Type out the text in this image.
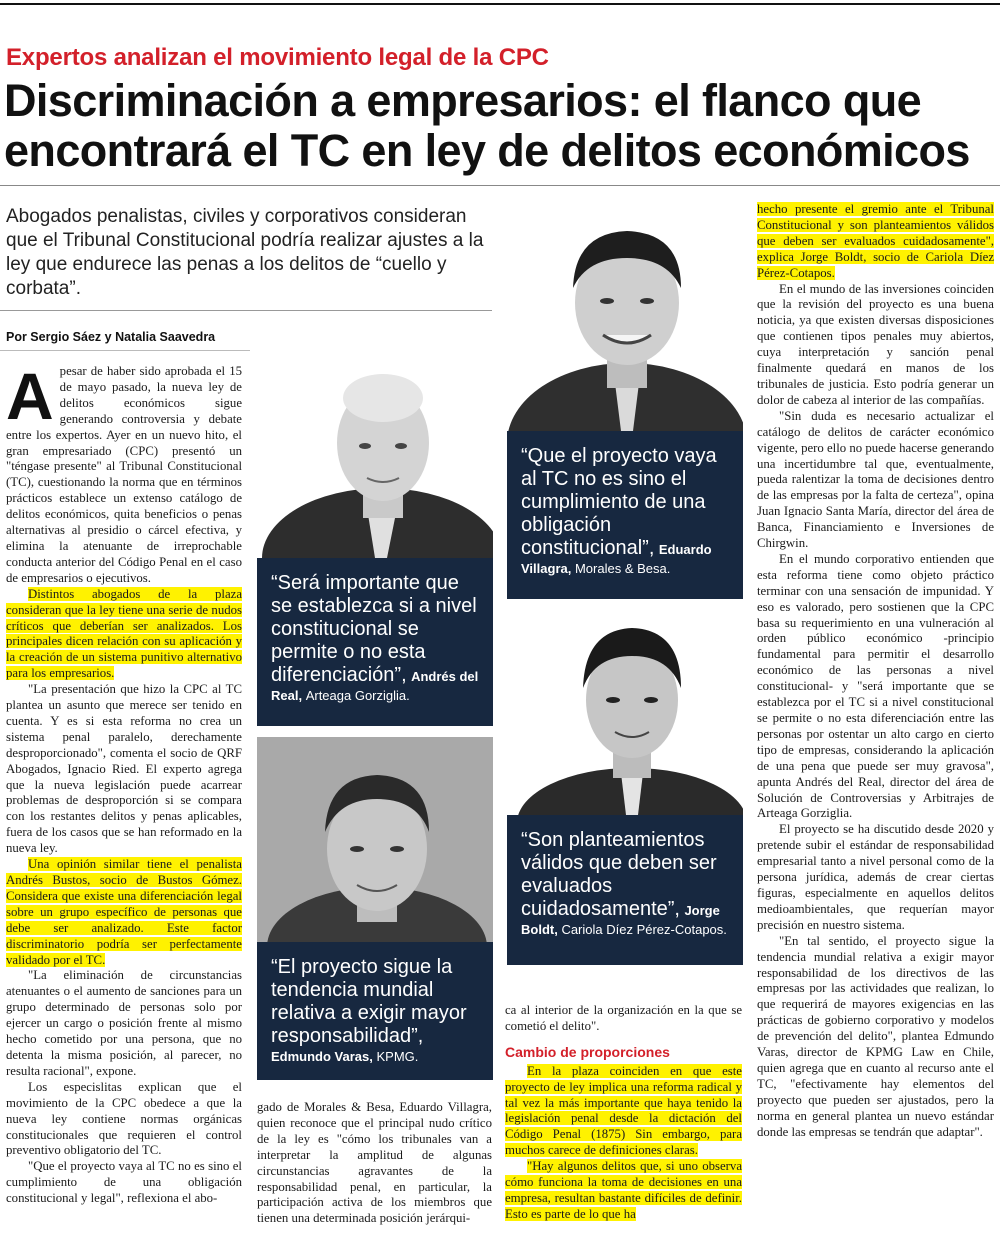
Expertos analizan el movimiento legal de la CPC
Discriminación a empresarios: el flanco que encontrará el TC en ley de delitos económicos

Abogados penalistas, civiles y corporativos consideran que el Tribunal Constitucional podría realizar ajustes a la ley que endurece las penas a los delitos de “cuello y corbata”.

Por Sergio Sáez y Natalia Saavedra

Apesar de haber sido aprobada el 15 de mayo pasado, la nueva ley de delitos económicos sigue generando controversia y debate entre los expertos. Ayer en un nuevo hito, el gran empresariado (CPC) presentó un "téngase presente" al Tribunal Constitucional (TC), cuestionando la norma que en términos prácticos establece un extenso catálogo de delitos económicos, quita beneficios o penas alternativas al presidio o cárcel efectiva, y elimina la atenuante de irreprochable conducta anterior del Código Penal en el caso de empresarios o ejecutivos.

Distintos abogados de la plaza consideran que la ley tiene una serie de nudos críticos que deberían ser analizados. Los principales dicen relación con su aplicación y la creación de un sistema punitivo alternativo para los empresarios.

"La presentación que hizo la CPC al TC plantea un asunto que merece ser tenido en cuenta. Y es si esta reforma no crea un sistema penal paralelo, derechamente desproporcionado", comenta el socio de QRF Abogados, Ignacio Ried. El experto agrega que la nueva legislación puede acarrear problemas de desproporción si se compara con los restantes delitos y penas aplicables, fuera de los casos que se han reformado en la nueva ley.

Una opinión similar tiene el penalista Andrés Bustos, socio de Bustos Gómez. Considera que existe una diferenciación legal sobre un grupo específico de personas que debe ser analizado. Este factor discriminatorio podría ser perfectamente validado por el TC.

"La eliminación de circunstancias atenuantes o el aumento de sanciones para un grupo determinado de personas solo por ejercer un cargo o posición frente al mismo hecho cometido por una persona, que no detenta la misma posición, al parecer, no resulta racional", expone.

Los especislitas explican que el movimiento de la CPC obedece a que la nueva ley contiene normas orgánicas constitucionales que requieren el control preventivo obligatorio del TC.

"Que el proyecto vaya al TC no es sino el cumplimiento de una obligación constitucional y legal", reflexiona el abo-

“Será importante que se establezca si a nivel constitucional se permite o no esta diferenciación”, Andrés del Real, Arteaga Gorziglia.
“El proyecto sigue la tendencia mundial relativa a exigir mayor responsabilidad”, Edmundo Varas, KPMG.

gado de Morales & Besa, Eduardo Villagra, quien reconoce que el principal nudo crítico de la ley es "cómo los tribunales van a interpretar la amplitud de algunas circunstancias agravantes de la responsabilidad penal, en particular, la participación activa de los miembros que tienen una determinada posición jerárqui-

“Que el proyecto vaya al TC no es sino el cumplimiento de una obligación constitucional”, Eduardo Villagra, Morales & Besa.
“Son planteamientos válidos que deben ser evaluados cuidadosamente”, Jorge Boldt, Cariola Díez Pérez-Cotapos.

ca al interior de la organización en la que se cometió el delito".

Cambio de proporciones

En la plaza coinciden en que este proyecto de ley implica una reforma radical y tal vez la más importante que haya tenido la legislación penal desde la dictación del Código Penal (1875) Sin embargo, para muchos carece de definiciones claras.

"Hay algunos delitos que, si uno observa cómo funciona la toma de decisiones en una empresa, resultan bastante difíciles de definir. Esto es parte de lo que ha

hecho presente el gremio ante el Tribunal Constitucional y son planteamientos válidos que deben ser evaluados cuidadosamente", explica Jorge Boldt, socio de Cariola Díez Pérez-Cotapos.

En el mundo de las inversiones coinciden que la revisión del proyecto es una buena noticia, ya que existen diversas disposiciones que contienen tipos penales muy abiertos, cuya interpretación y sanción penal finalmente quedará en manos de los tribunales de justicia. Esto podría generar un dolor de cabeza al interior de las compañías.

"Sin duda es necesario actualizar el catálogo de delitos de carácter económico vigente, pero ello no puede hacerse generando una incertidumbre tal que, eventualmente, pueda ralentizar la toma de decisiones dentro de las empresas por la falta de certeza", opina Juan Ignacio Santa María, director del área de Banca, Financiamiento e Inversiones de Chirgwin.

En el mundo corporativo entienden que esta reforma tiene como objeto práctico terminar con una sensación de impunidad. Y eso es valorado, pero sostienen que la CPC basa su requerimiento en una vulneración al orden público económico -principio fundamental para permitir el desarrollo económico de las personas a nivel constitucional- y "será importante que se establezca por el TC si a nivel constitucional se permite o no esta diferenciación entre las personas por ostentar un alto cargo en cierto tipo de empresas, considerando la aplicación de una pena que puede ser muy gravosa", apunta Andrés del Real, director del área de Solución de Controversias y Arbitrajes de Arteaga Gorziglia.

El proyecto se ha discutido desde 2020 y pretende subir el estándar de responsabilidad empresarial tanto a nivel personal como de la persona jurídica, además de crear ciertas figuras, especialmente en aquellos delitos medioambientales, que requerían mayor precisión en nuestro sistema.

"En tal sentido, el proyecto sigue la tendencia mundial relativa a exigir mayor responsabilidad de los directivos de las empresas por las actividades que realizan, lo que requerirá de mayores exigencias en las prácticas de gobierno corporativo y modelos de prevención del delito", plantea Edmundo Varas, director de KPMG Law en Chile, quien agrega que en cuanto al recurso ante el TC, "efectivamente hay elementos del proyecto que pueden ser ajustados, pero la norma en general plantea un nuevo estándar donde las empresas se tendrán que adaptar".
